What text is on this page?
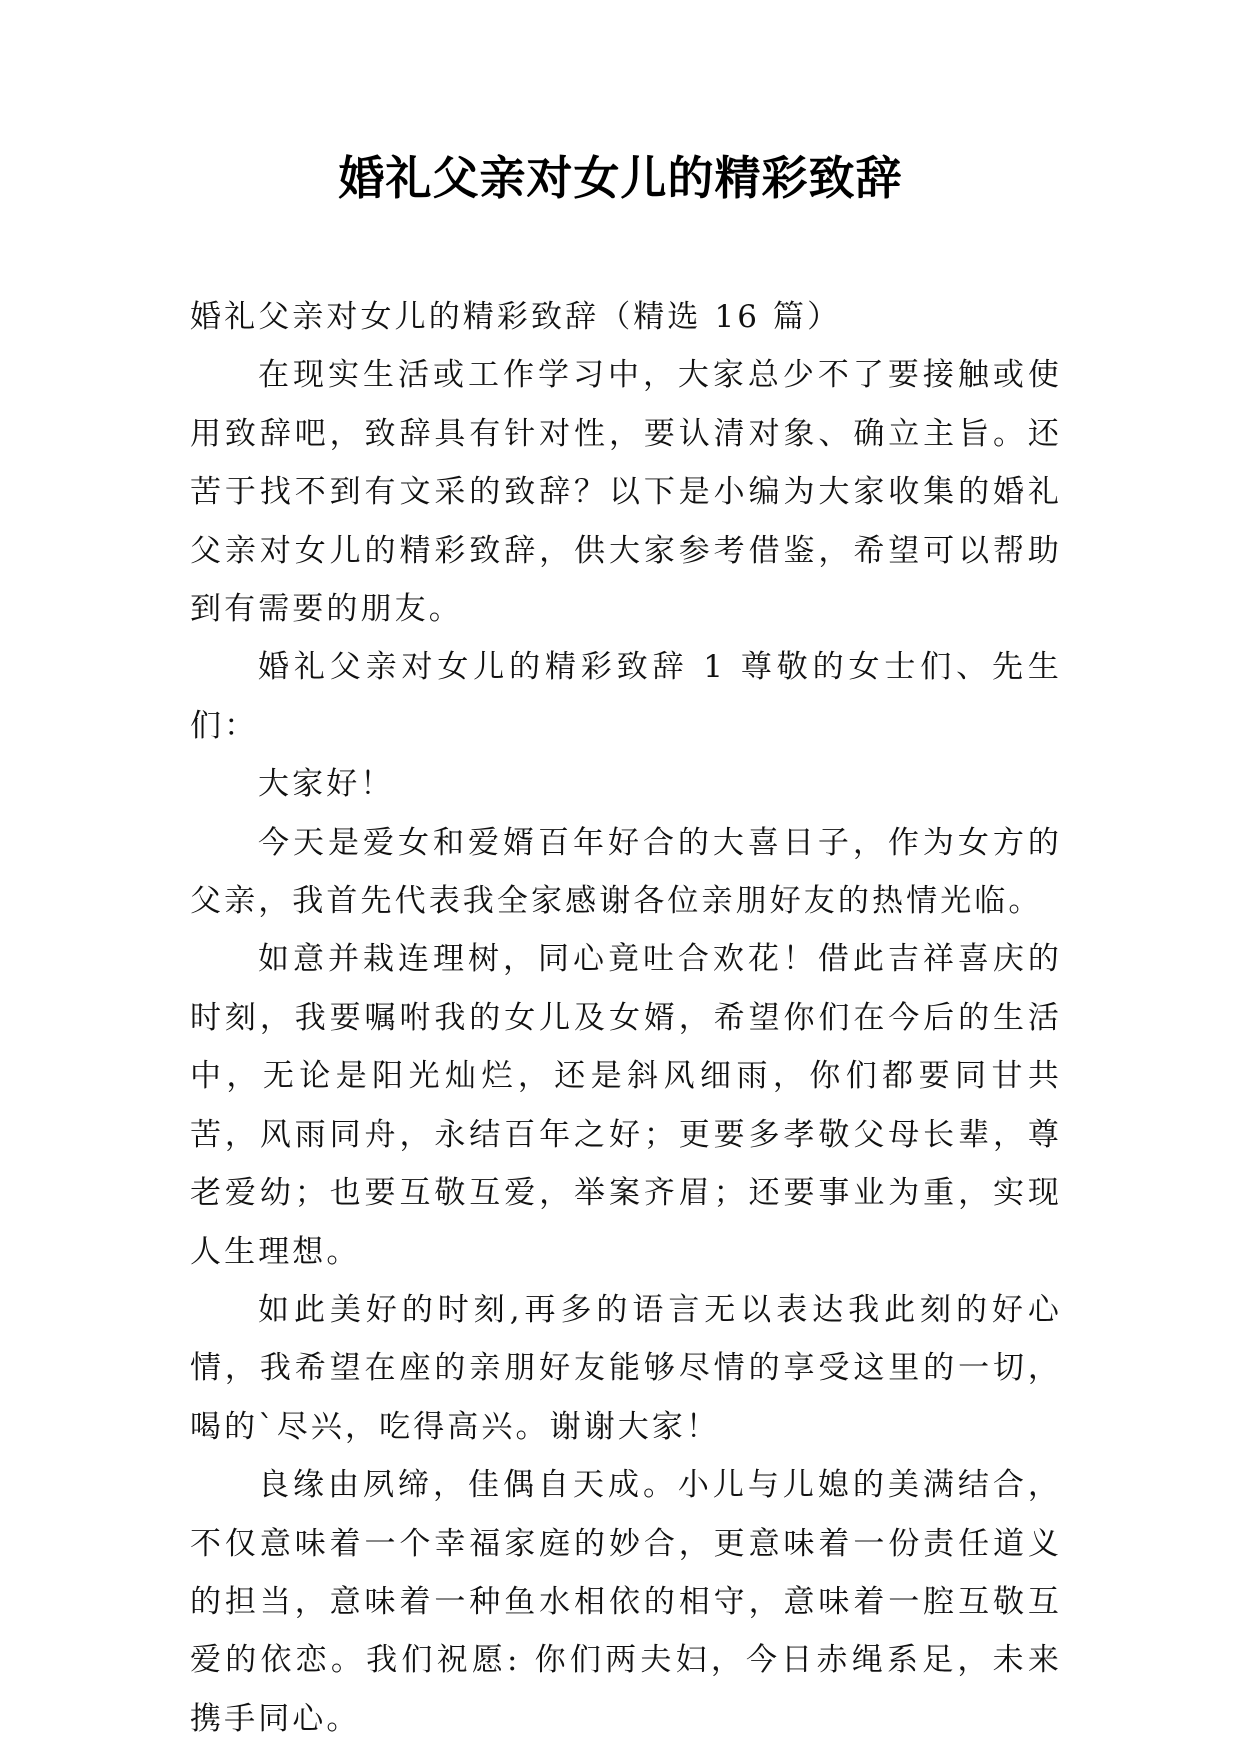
婚礼父亲对女儿的精彩致辞

婚礼父亲对女儿的精彩致辞（精选 16 篇）

在现实生活或工作学习中，大家总少不了要接触或使用致辞吧，致辞具有针对性，要认清对象、确立主旨。还苦于找不到有文采的致辞？以下是小编为大家收集的婚礼父亲对女儿的精彩致辞，供大家参考借鉴，希望可以帮助到有需要的朋友。

婚礼父亲对女儿的精彩致辞 1 尊敬的女士们、先生们：

大家好！

今天是爱女和爱婿百年好合的大喜日子，作为女方的父亲，我首先代表我全家感谢各位亲朋好友的热情光临。

如意并栽连理树，同心竟吐合欢花！借此吉祥喜庆的时刻，我要嘱咐我的女儿及女婿，希望你们在今后的生活中，无论是阳光灿烂，还是斜风细雨，你们都要同甘共苦，风雨同舟，永结百年之好；更要多孝敬父母长辈，尊老爱幼；也要互敬互爱，举案齐眉；还要事业为重，实现人生理想。

如此美好的时刻,再多的语言无以表达我此刻的好心情，我希望在座的亲朋好友能够尽情的享受这里的一切，喝的`尽兴，吃得高兴。谢谢大家！

良缘由夙缔，佳偶自天成。小儿与儿媳的美满结合，不仅意味着一个幸福家庭的妙合，更意味着一份责任道义的担当，意味着一种鱼水相依的相守，意味着一腔互敬互爱的依恋。我们祝愿: 你们两夫妇，今日赤绳系足，未来携手同心。
